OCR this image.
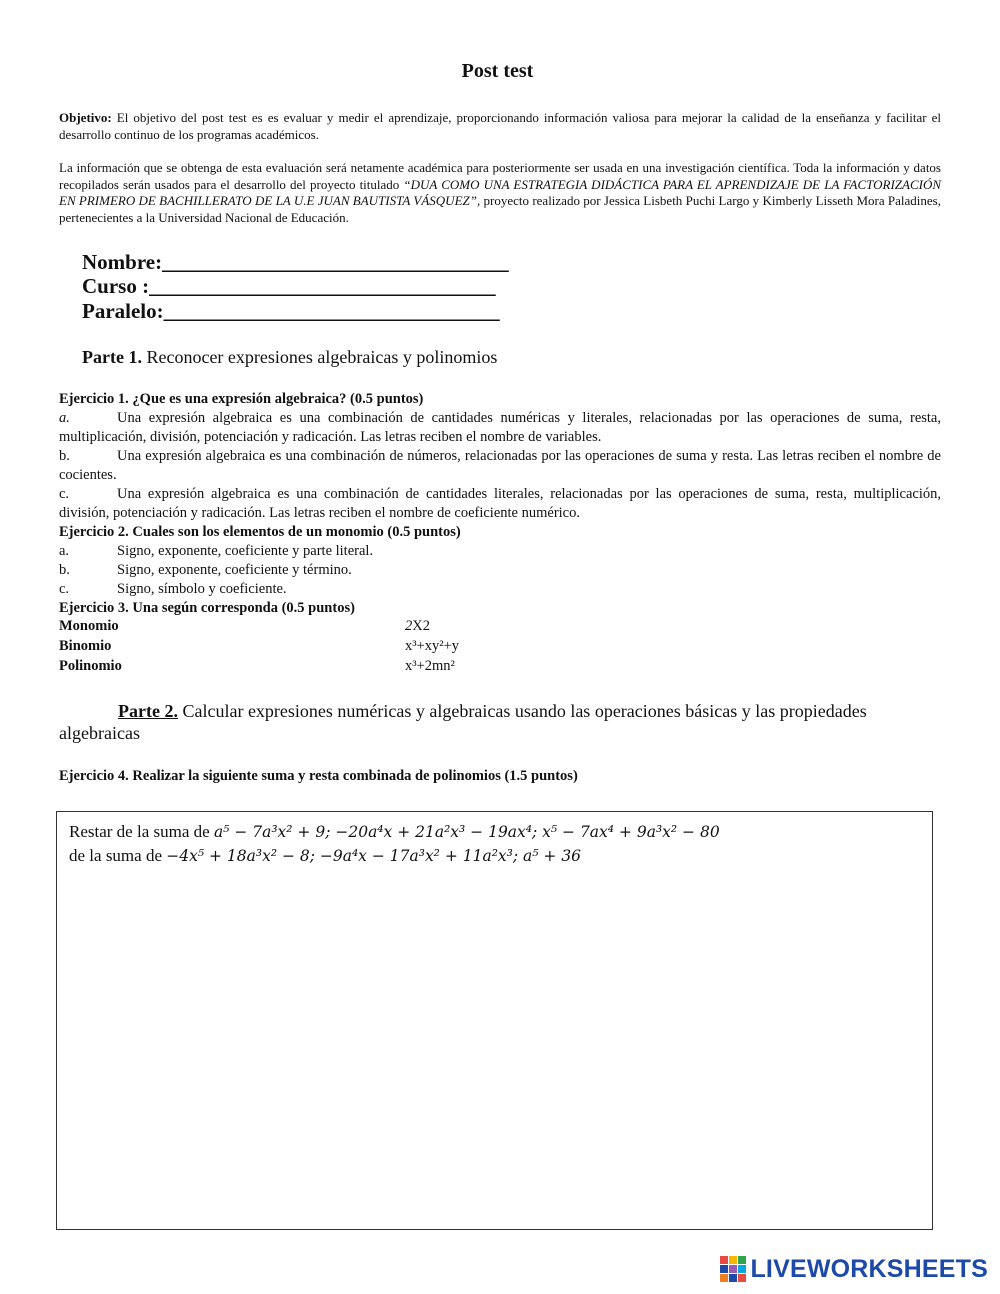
Post test
Objetivo: El objetivo del post test es es evaluar y medir el aprendizaje, proporcionando información valiosa para mejorar la calidad de la enseñanza y facilitar el desarrollo continuo de los programas académicos.
La información que se obtenga de esta evaluación será netamente académica para posteriormente ser usada en una investigación científica. Toda la información y datos recopilados serán usados para el desarrollo del proyecto titulado “DUA COMO UNA ESTRATEGIA DIDÁCTICA PARA EL APRENDIZAJE DE LA FACTORIZACIÓN EN PRIMERO DE BACHILLERATO DE LA U.E JUAN BAUTISTA VÁSQUEZ”, proyecto realizado por Jessica Lisbeth Puchi Largo y Kimberly Lisseth Mora Paladines, pertenecientes a la Universidad Nacional de Educación.
Nombre:_________________________________
Curso :_________________________________
Paralelo:________________________________
Parte 1. Reconocer expresiones algebraicas y polinomios
Ejercicio 1. ¿Que es una expresión algebraica? (0.5 puntos)
a.	Una expresión algebraica es una combinación de cantidades numéricas y literales, relacionadas por las operaciones de suma, resta, multiplicación, división, potenciación y radicación. Las letras reciben el nombre de variables.
b.	Una expresión algebraica es una combinación de números, relacionadas por las operaciones de suma y resta. Las letras reciben el nombre de cocientes.
c.	Una expresión algebraica es una combinación de cantidades literales, relacionadas por las operaciones de suma, resta, multiplicación, división, potenciación y radicación. Las letras reciben el nombre de coeficiente numérico.
Ejercicio 2. Cuales son los elementos de un monomio (0.5 puntos)
a.	Signo, exponente, coeficiente y parte literal.
b.	Signo, exponente, coeficiente y término.
c.	Signo, símbolo y coeficiente.
Ejercicio 3. Una según corresponda (0.5 puntos)
Monomio	2X2
Binomio	x³+xy²+y
Polinomio	x³+2mn²
Parte 2. Calcular expresiones numéricas y algebraicas usando las operaciones básicas y las propiedades algebraicas
Ejercicio 4. Realizar la siguiente suma y resta combinada de polinomios (1.5 puntos)
Restar de la suma de a⁵ − 7a³x² + 9; −20a⁴x + 21a²x³ − 19ax⁴; x⁵ − 7ax⁴ + 9a³x² − 80
de la suma de −4x⁵ + 18a³x² − 8; −9a⁴x − 17a³x² + 11a²x³; a⁵ + 36
LIVEWORKSHEETS
